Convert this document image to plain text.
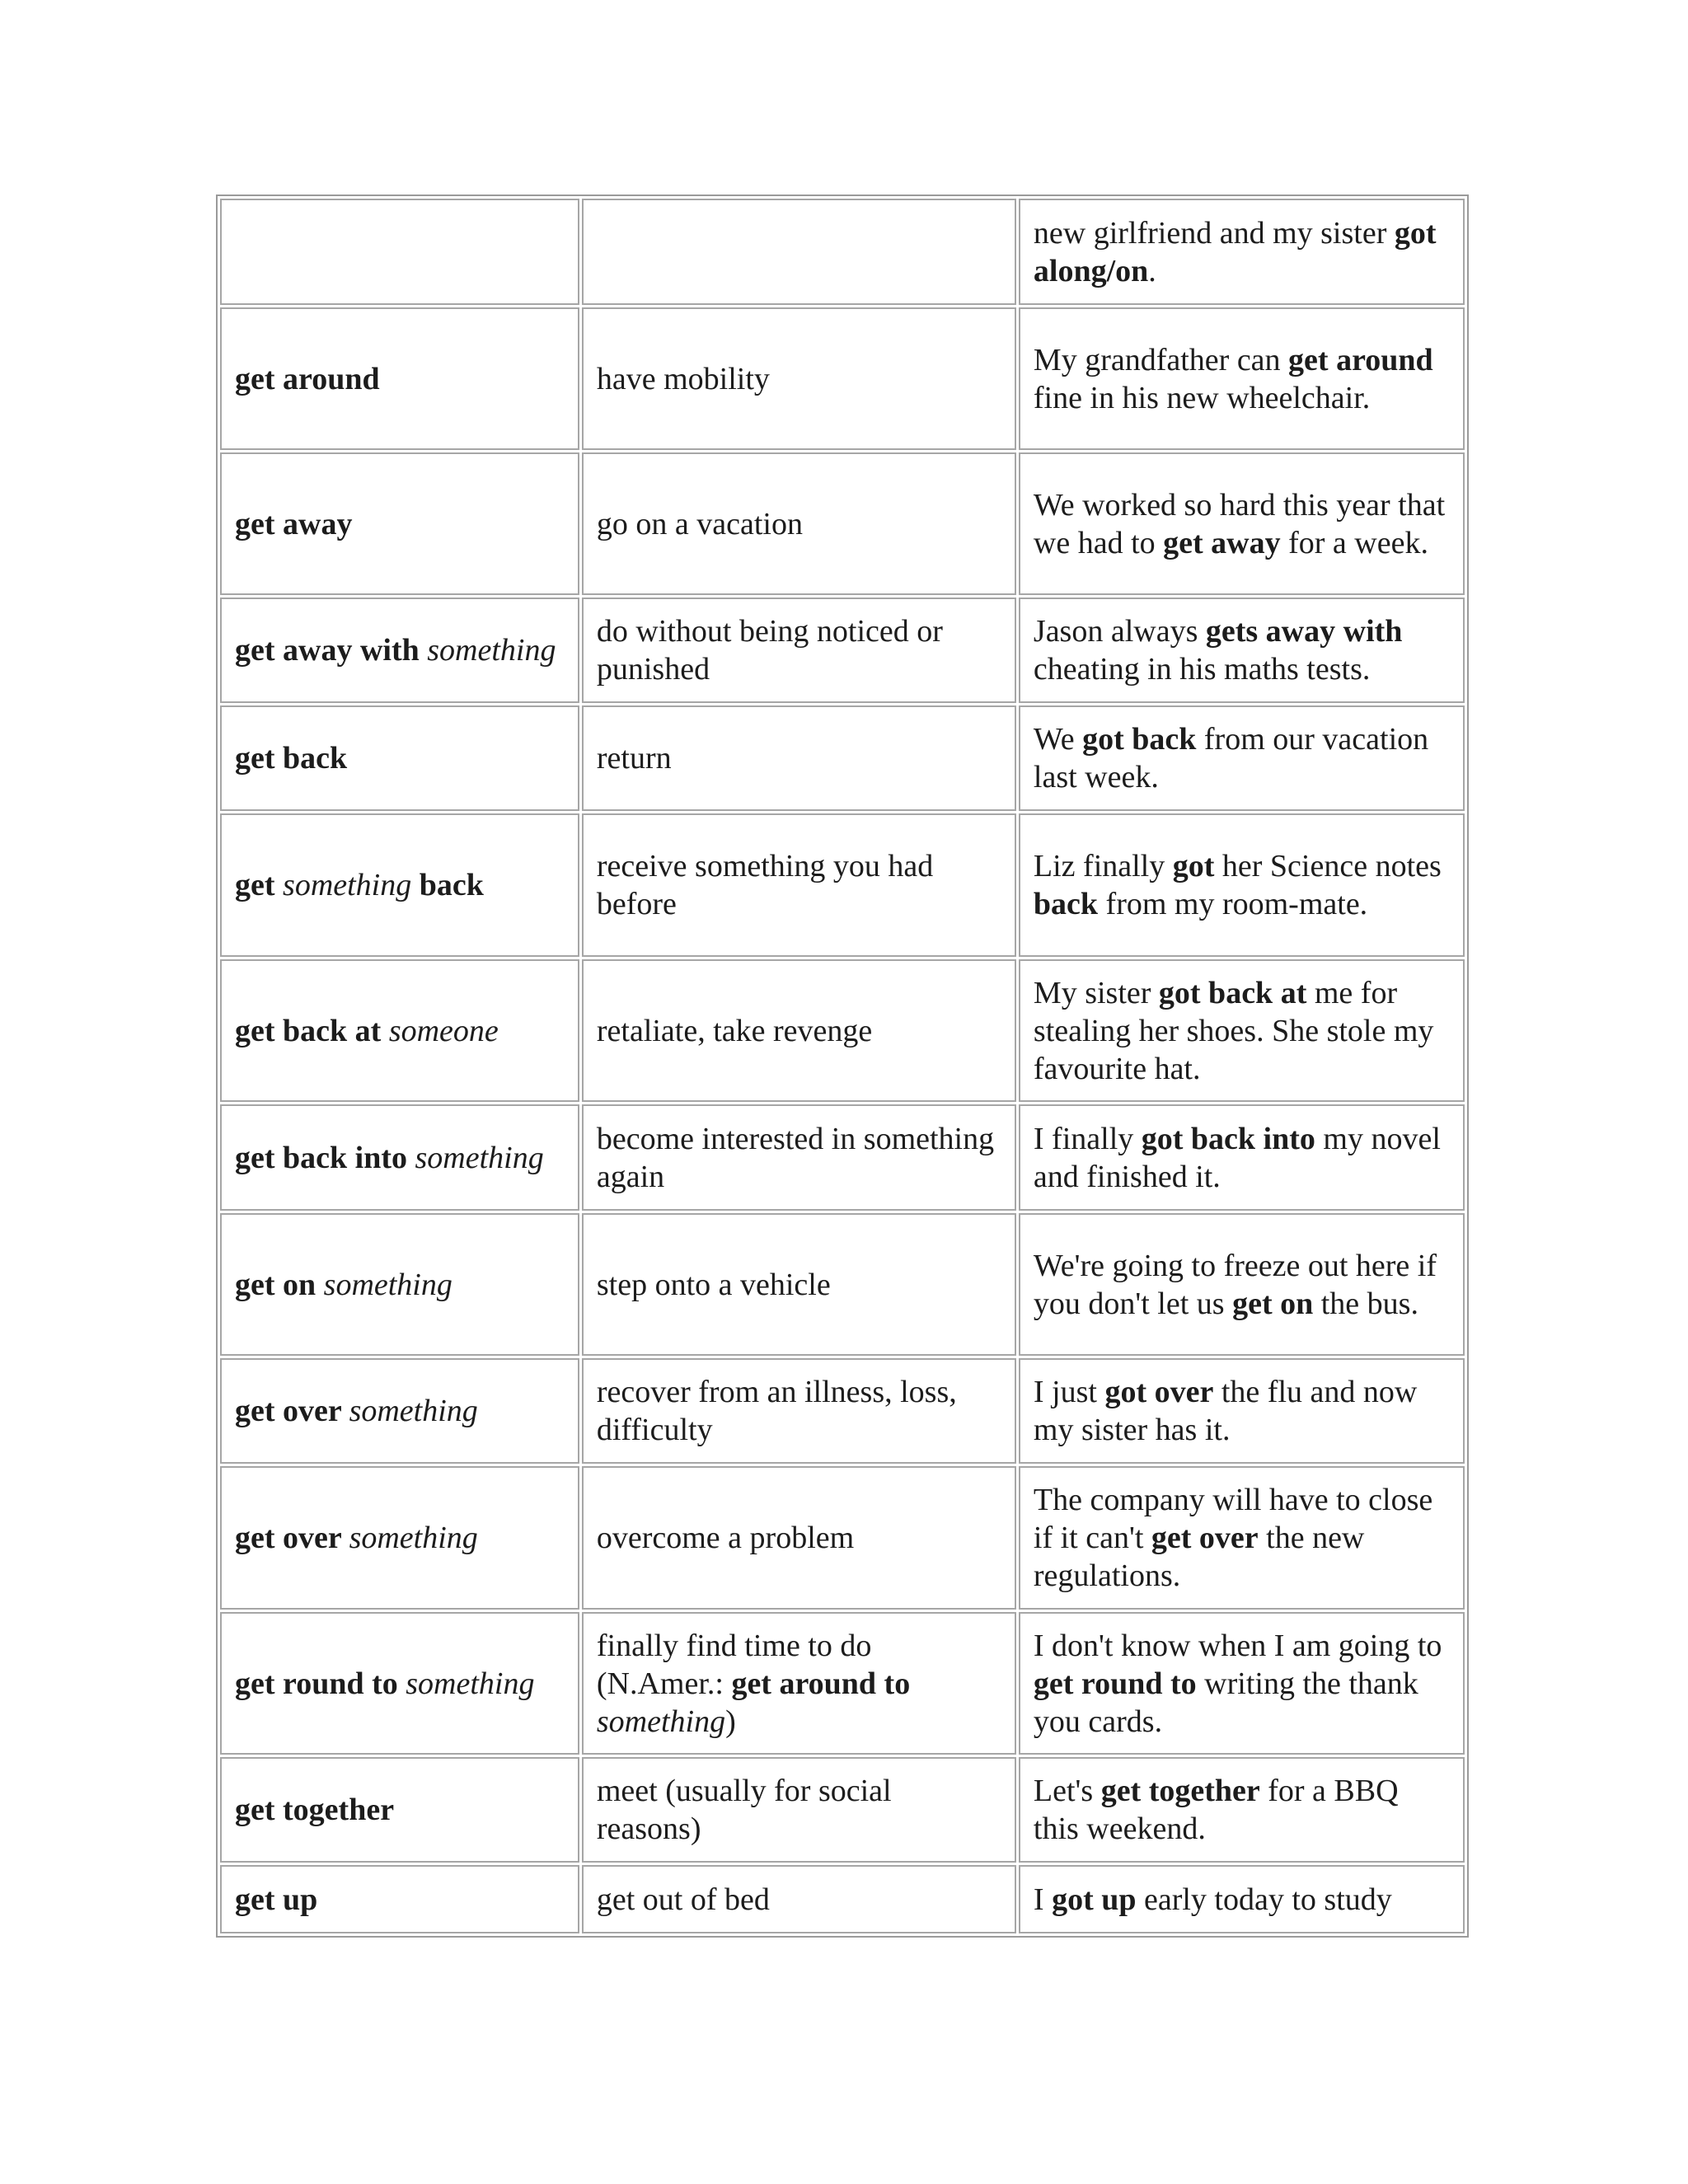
		new girlfriend and my sister got along/on.
get around	have mobility	My grandfather can get around fine in his new wheelchair.
get away	go on a vacation	We worked so hard this year that we had to get away for a week.
get away with something	do without being noticed or punished	Jason always gets away with cheating in his maths tests.
get back	return	We got back from our vacation last week.
get something back	receive something you had before	Liz finally got her Science notes back from my room-mate.
get back at someone	retaliate, take revenge	My sister got back at me for stealing her shoes. She stole my favourite hat.
get back into something	become interested in something again	I finally got back into my novel and finished it.
get on something	step onto a vehicle	We're going to freeze out here if you don't let us get on the bus.
get over something	recover from an illness, loss, difficulty	I just got over the flu and now my sister has it.
get over something	overcome a problem	The company will have to close if it can't get over the new regulations.
get round to something	finally find time to do (N.Amer.: get around to something)	I don't know when I am going to get round to writing the thank you cards.
get together	meet (usually for social reasons)	Let's get together for a BBQ this weekend.
get up	get out of bed	I got up early today to study
